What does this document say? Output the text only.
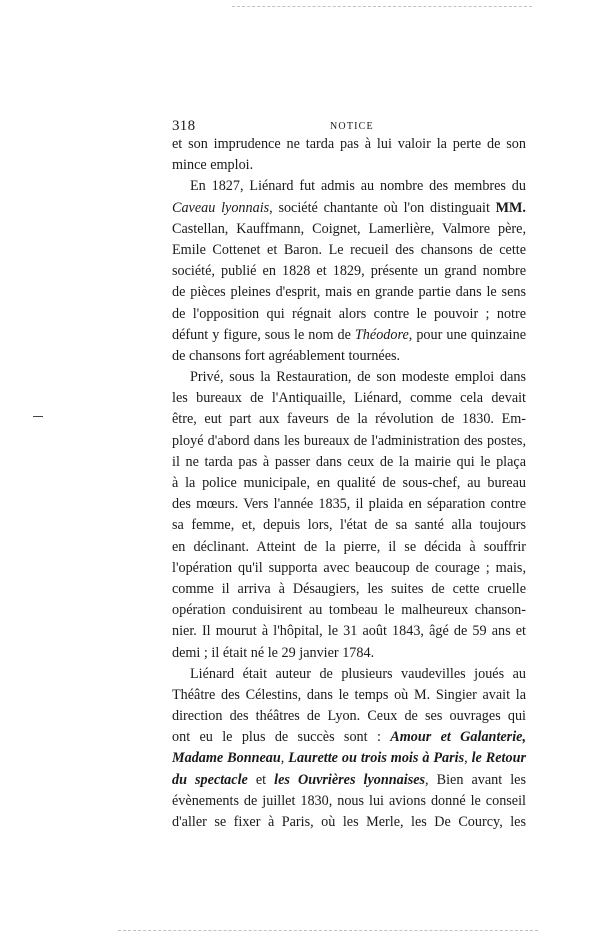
318	NOTICE
et son imprudence ne tarda pas à lui valoir la perte de son
mince emploi.
En 1827, Liénard fut admis au nombre des membres du
Caveau lyonnais, société chantante où l'on distinguait MM.
Castellan, Kauffmann, Coignet, Lamerlière, Valmore père,
Emile Cottenet et Baron. Le recueil des chansons de cette
société, publié en 1828 et 1829, présente un grand nombre
de pièces pleines d'esprit, mais en grande partie dans le sens
de l'opposition qui régnait alors contre le pouvoir ; notre
défunt y figure, sous le nom de Théodore, pour une quinzaine
de chansons fort agréablement tournées.
Privé, sous la Restauration, de son modeste emploi dans
les bureaux de l'Antiquaille, Liénard, comme cela devait
être, eut part aux faveurs de la révolution de 1830. Em-
ployé d'abord dans les bureaux de l'administration des postes,
il ne tarda pas à passer dans ceux de la mairie qui le plaça
à la police municipale, en qualité de sous-chef, au bureau
des mœurs. Vers l'année 1835, il plaida en séparation contre
sa femme, et, depuis lors, l'état de sa santé alla toujours
en déclinant. Atteint de la pierre, il se décida à souffrir
l'opération qu'il supporta avec beaucoup de courage ; mais,
comme il arriva à Désaugiers, les suites de cette cruelle
opération conduisirent au tombeau le malheureux chanson-
nier. Il mourut à l'hôpital, le 31 août 1843, âgé de 59 ans et
demi ; il était né le 29 janvier 1784.
Liénard était auteur de plusieurs vaudevilles joués au
Théâtre des Célestins, dans le temps où M. Singier avait la
direction des théâtres de Lyon. Ceux de ses ouvrages qui
ont eu le plus de succès sont : Amour et Galanterie,
Madame Bonneau, Laurette ou trois mois à Paris, le Retour
du spectacle et les Ouvrières lyonnaises, Bien avant les
évènements de juillet 1830, nous lui avions donné le conseil
d'aller se fixer à Paris, où les Merle, les De Courcy, les
